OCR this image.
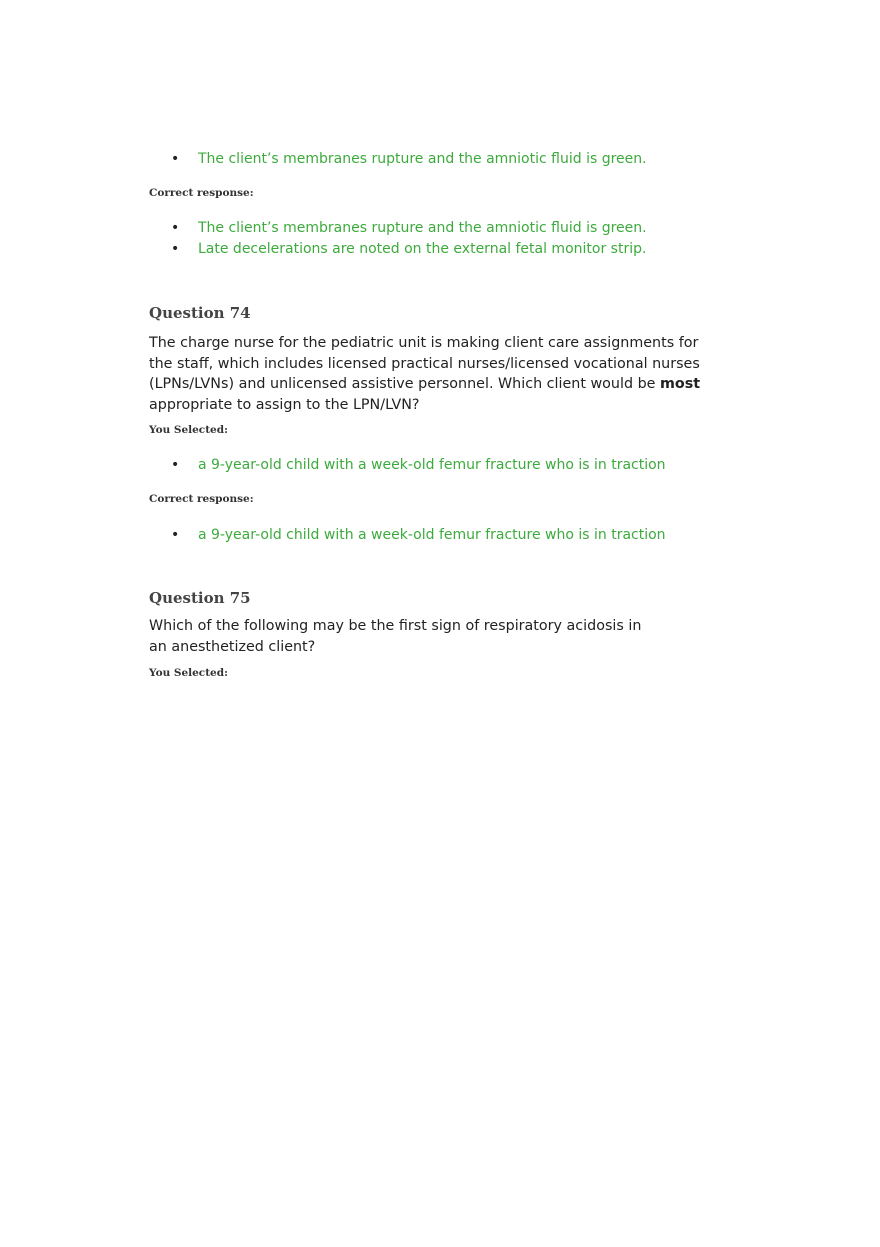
• The client’s membranes rupture and the amniotic fluid is green.
Correct response:
• The client’s membranes rupture and the amniotic fluid is green.
• Late decelerations are noted on the external fetal monitor strip.
Question 74
The charge nurse for the pediatric unit is making client care assignments for the staff, which includes licensed practical nurses/licensed vocational nurses (LPNs/LVNs) and unlicensed assistive personnel. Which client would be most appropriate to assign to the LPN/LVN?
You Selected:
• a 9-year-old child with a week-old femur fracture who is in traction
Correct response:
• a 9-year-old child with a week-old femur fracture who is in traction
Question 75
Which of the following may be the first sign of respiratory acidosis in an anesthetized client?
You Selected:
